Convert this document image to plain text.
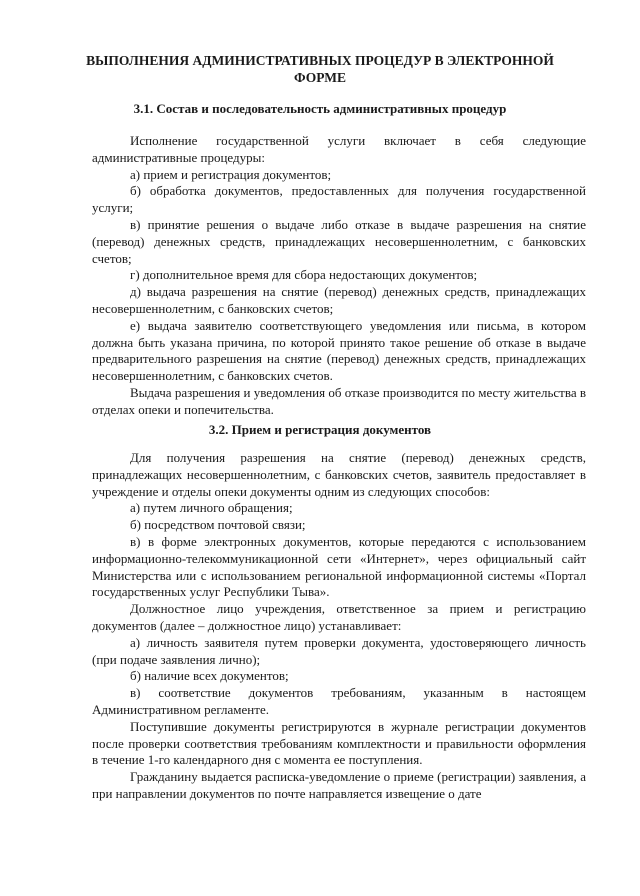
ВЫПОЛНЕНИЯ АДМИНИСТРАТИВНЫХ ПРОЦЕДУР В ЭЛЕКТРОННОЙ ФОРМЕ
3.1. Состав и последовательность административных процедур

Исполнение государственной услуги включает в себя следующие административные процедуры:

а) прием и регистрация документов;

б) обработка документов, предоставленных для получения государственной услуги;

в) принятие решения о выдаче либо отказе в выдаче разрешения на снятие (перевод) денежных средств, принадлежащих несовершеннолетним, с банковских счетов;

г) дополнительное время для сбора недостающих документов;

д) выдача разрешения на снятие (перевод) денежных средств, принадлежащих несовершеннолетним, с банковских счетов;

е) выдача заявителю соответствующего уведомления или письма, в котором должна быть указана причина, по которой принято такое решение об отказе в выдаче предварительного разрешения на снятие (перевод) денежных средств, принадлежащих несовершеннолетним, с банковских счетов.

Выдача разрешения и уведомления об отказе производится по месту жительства в отделах опеки и попечительства.

3.2. Прием и регистрация документов

Для получения разрешения на снятие (перевод) денежных средств, принадлежащих несовершеннолетним, с банковских счетов, заявитель предоставляет в учреждение и отделы опеки документы одним из следующих способов:

а) путем личного обращения;

б) посредством почтовой связи;

в) в форме электронных документов, которые передаются с использованием информационно-телекоммуникационной сети «Интернет», через официальный сайт Министерства или с использованием региональной информационной системы «Портал государственных услуг Республики Тыва».

Должностное лицо учреждения, ответственное за прием и регистрацию документов (далее – должностное лицо) устанавливает:

а) личность заявителя путем проверки документа, удостоверяющего личность (при подаче заявления лично);

б) наличие всех документов;

в) соответствие документов требованиям, указанным в настоящем Административном регламенте.

Поступившие документы регистрируются в журнале регистрации документов после проверки соответствия требованиям комплектности и правильности оформления в течение 1-го календарного дня с момента ее поступления.

Гражданину выдается расписка-уведомление о приеме (регистрации) заявления, а при направлении документов по почте направляется извещение о дате
